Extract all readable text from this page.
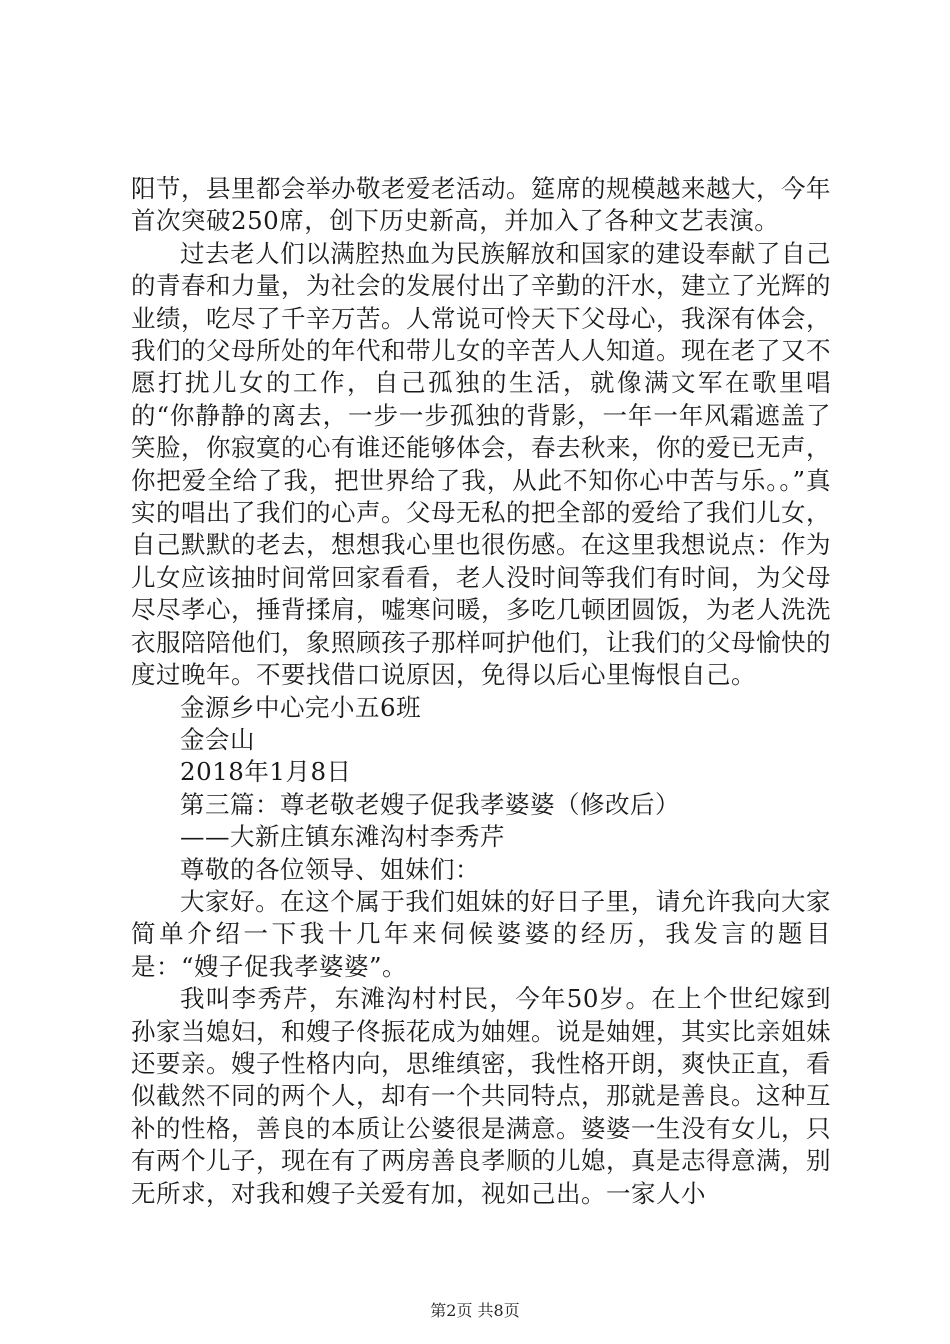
阳节，县里都会举办敬老爱老活动。筵席的规模越来越大，今年首次突破250席，创下历史新高，并加入了各种文艺表演。

过去老人们以满腔热血为民族解放和国家的建设奉献了自己的青春和力量，为社会的发展付出了辛勤的汗水，建立了光辉的业绩，吃尽了千辛万苦。人常说可怜天下父母心，我深有体会，我们的父母所处的年代和带儿女的辛苦人人知道。现在老了又不愿打扰儿女的工作，自己孤独的生活，就像满文军在歌里唱的“你静静的离去，一步一步孤独的背影，一年一年风霜遮盖了笑脸，你寂寞的心有谁还能够体会，春去秋来，你的爱已无声，你把爱全给了我，把世界给了我，从此不知你心中苦与乐。。”真实的唱出了我们的心声。父母无私的把全部的爱给了我们儿女，自己默默的老去，想想我心里也很伤感。在这里我想说点：作为儿女应该抽时间常回家看看，老人没时间等我们有时间，为父母尽尽孝心，捶背揉肩，嘘寒问暖，多吃几顿团圆饭，为老人洗洗衣服陪陪他们，象照顾孩子那样呵护他们，让我们的父母愉快的度过晚年。不要找借口说原因，免得以后心里悔恨自己。

金源乡中心完小五6班

金会山

2018年1月8日

第三篇：尊老敬老嫂子促我孝婆婆（修改后）

——大新庄镇东滩沟村李秀芹

尊敬的各位领导、姐妹们：

大家好。在这个属于我们姐妹的好日子里，请允许我向大家简单介绍一下我十几年来伺候婆婆的经历，我发言的题目是：“嫂子促我孝婆婆”。

我叫李秀芹，东滩沟村村民，今年50岁。在上个世纪嫁到孙家当媳妇，和嫂子佟振花成为妯娌。说是妯娌，其实比亲姐妹还要亲。嫂子性格内向，思维缜密，我性格开朗，爽快正直，看似截然不同的两个人，却有一个共同特点，那就是善良。这种互补的性格，善良的本质让公婆很是满意。婆婆一生没有女儿，只有两个儿子，现在有了两房善良孝顺的儿媳，真是志得意满，别无所求，对我和嫂子关爱有加，视如己出。一家人小

第2页 共8页
